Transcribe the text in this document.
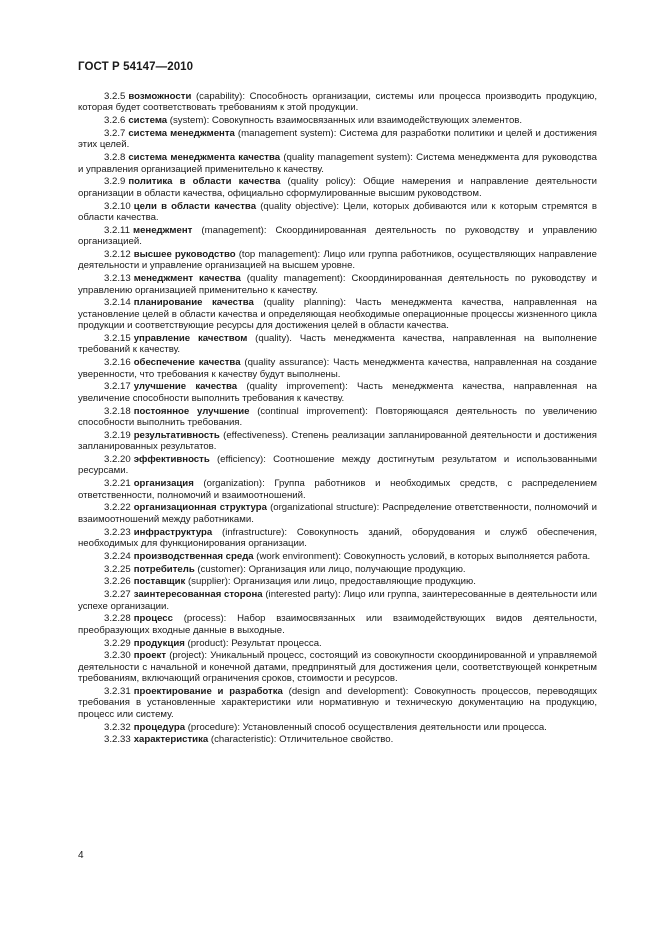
ГОСТ Р 54147—2010

3.2.5 возможности (capability): Способность организации, системы или процесса производить продукцию, которая будет соответствовать требованиям к этой продукции.

3.2.6 система (system): Совокупность взаимосвязанных или взаимодействующих элементов.

3.2.7 система менеджмента (management system): Система для разработки политики и целей и достижения этих целей.

3.2.8 система менеджмента качества (quality management system): Система менеджмента для руководства и управления организацией применительно к качеству.

3.2.9 политика в области качества (quality policy): Общие намерения и направление деятельности организации в области качества, официально сформулированные высшим руководством.

3.2.10 цели в области качества (quality objective): Цели, которых добиваются или к которым стремятся в области качества.

3.2.11 менеджмент (management): Скоординированная деятельность по руководству и управлению организацией.

3.2.12 высшее руководство (top management): Лицо или группа работников, осуществляющих направление деятельности и управление организацией на высшем уровне.

3.2.13 менеджмент качества (quality management): Скоординированная деятельность по руководству и управлению организацией применительно к качеству.

3.2.14 планирование качества (quality planning): Часть менеджмента качества, направленная на установление целей в области качества и определяющая необходимые операционные процессы жизненного цикла продукции и соответствующие ресурсы для достижения целей в области качества.

3.2.15 управление качеством (quality). Часть менеджмента качества, направленная на выполнение требований к качеству.

3.2.16 обеспечение качества (quality assurance): Часть менеджмента качества, направленная на создание уверенности, что требования к качеству будут выполнены.

3.2.17 улучшение качества (quality improvement): Часть менеджмента качества, направленная на увеличение способности выполнить требования к качеству.

3.2.18 постоянное улучшение (continual improvement): Повторяющаяся деятельность по увеличению способности выполнить требования.

3.2.19 результативность (effectiveness). Степень реализации запланированной деятельности и достижения запланированных результатов.

3.2.20 эффективность (efficiency): Соотношение между достигнутым результатом и использованными ресурсами.

3.2.21 организация (organization): Группа работников и необходимых средств, с распределением ответственности, полномочий и взаимоотношений.

3.2.22 организационная структура (organizational structure): Распределение ответственности, полномочий и взаимоотношений между работниками.

3.2.23 инфраструктура (infrastructure): Совокупность зданий, оборудования и служб обеспечения, необходимых для функционирования организации.

3.2.24 производственная среда (work environment): Совокупность условий, в которых выполняется работа.

3.2.25 потребитель (customer): Организация или лицо, получающие продукцию.

3.2.26 поставщик (supplier): Организация или лицо, предоставляющие продукцию.

3.2.27 заинтересованная сторона (interested party): Лицо или группа, заинтересованные в деятельности или успехе организации.

3.2.28 процесс (process): Набор взаимосвязанных или взаимодействующих видов деятельности, преобразующих входные данные в выходные.

3.2.29 продукция (product): Результат процесса.

3.2.30 проект (project): Уникальный процесс, состоящий из совокупности скоординированной и управляемой деятельности с начальной и конечной датами, предпринятый для достижения цели, соответствующей конкретным требованиям, включающий ограничения сроков, стоимости и ресурсов.

3.2.31 проектирование и разработка (design and development): Совокупность процессов, переводящих требования в установленные характеристики или нормативную и техническую документацию на продукцию, процесс или систему.

3.2.32 процедура (procedure): Установленный способ осуществления деятельности или процесса.

3.2.33 характеристика (characteristic): Отличительное свойство.

4
